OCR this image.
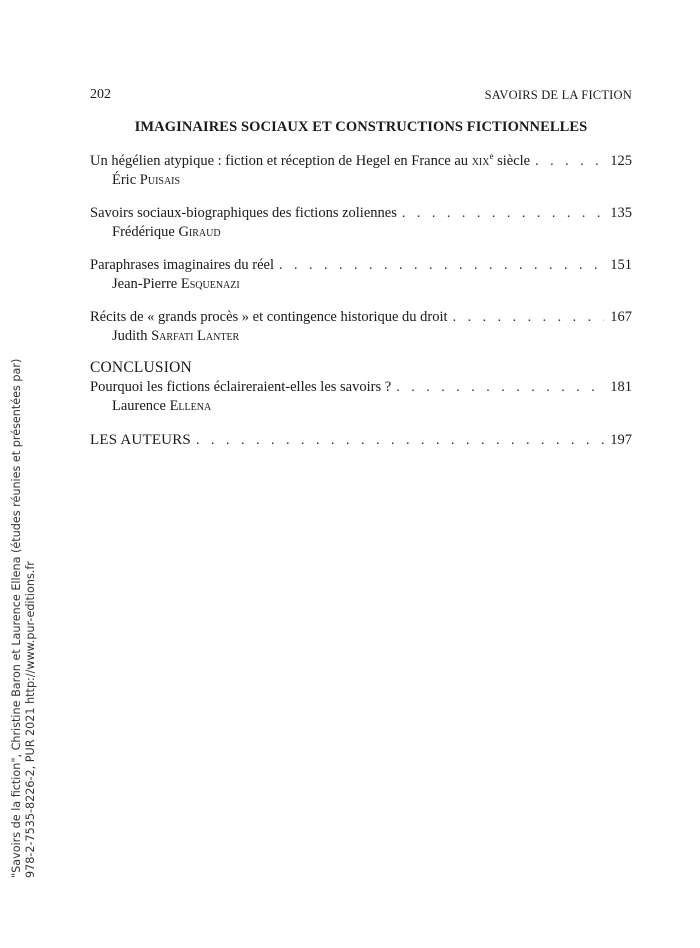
202	SAVOIRS DE LA FICTION
IMAGINAIRES SOCIAUX ET CONSTRUCTIONS FICTIONNELLES
Un hégélien atypique : fiction et réception de Hegel en France au xix$^e$ siècle . . .	125
Éric Puisais
Savoirs sociaux-biographiques des fictions zoliennes . . .	135
Frédérique Giraud
Paraphrases imaginaires du réel . . .	151
Jean-Pierre Esquenazi
Récits de « grands procès » et contingence historique du droit . . .	167
Judith Sarfati Lanter
CONCLUSION
Pourquoi les fictions éclaireraient-elles les savoirs ? . . .	181
Laurence Ellena
LES AUTEURS . . .	197
"Savoirs de la fiction", Christine Baron et Laurence Ellena (études réunies et présentées par) 978-2-7535-8226-2, PUR 2021 http://www.pur-editions.fr
